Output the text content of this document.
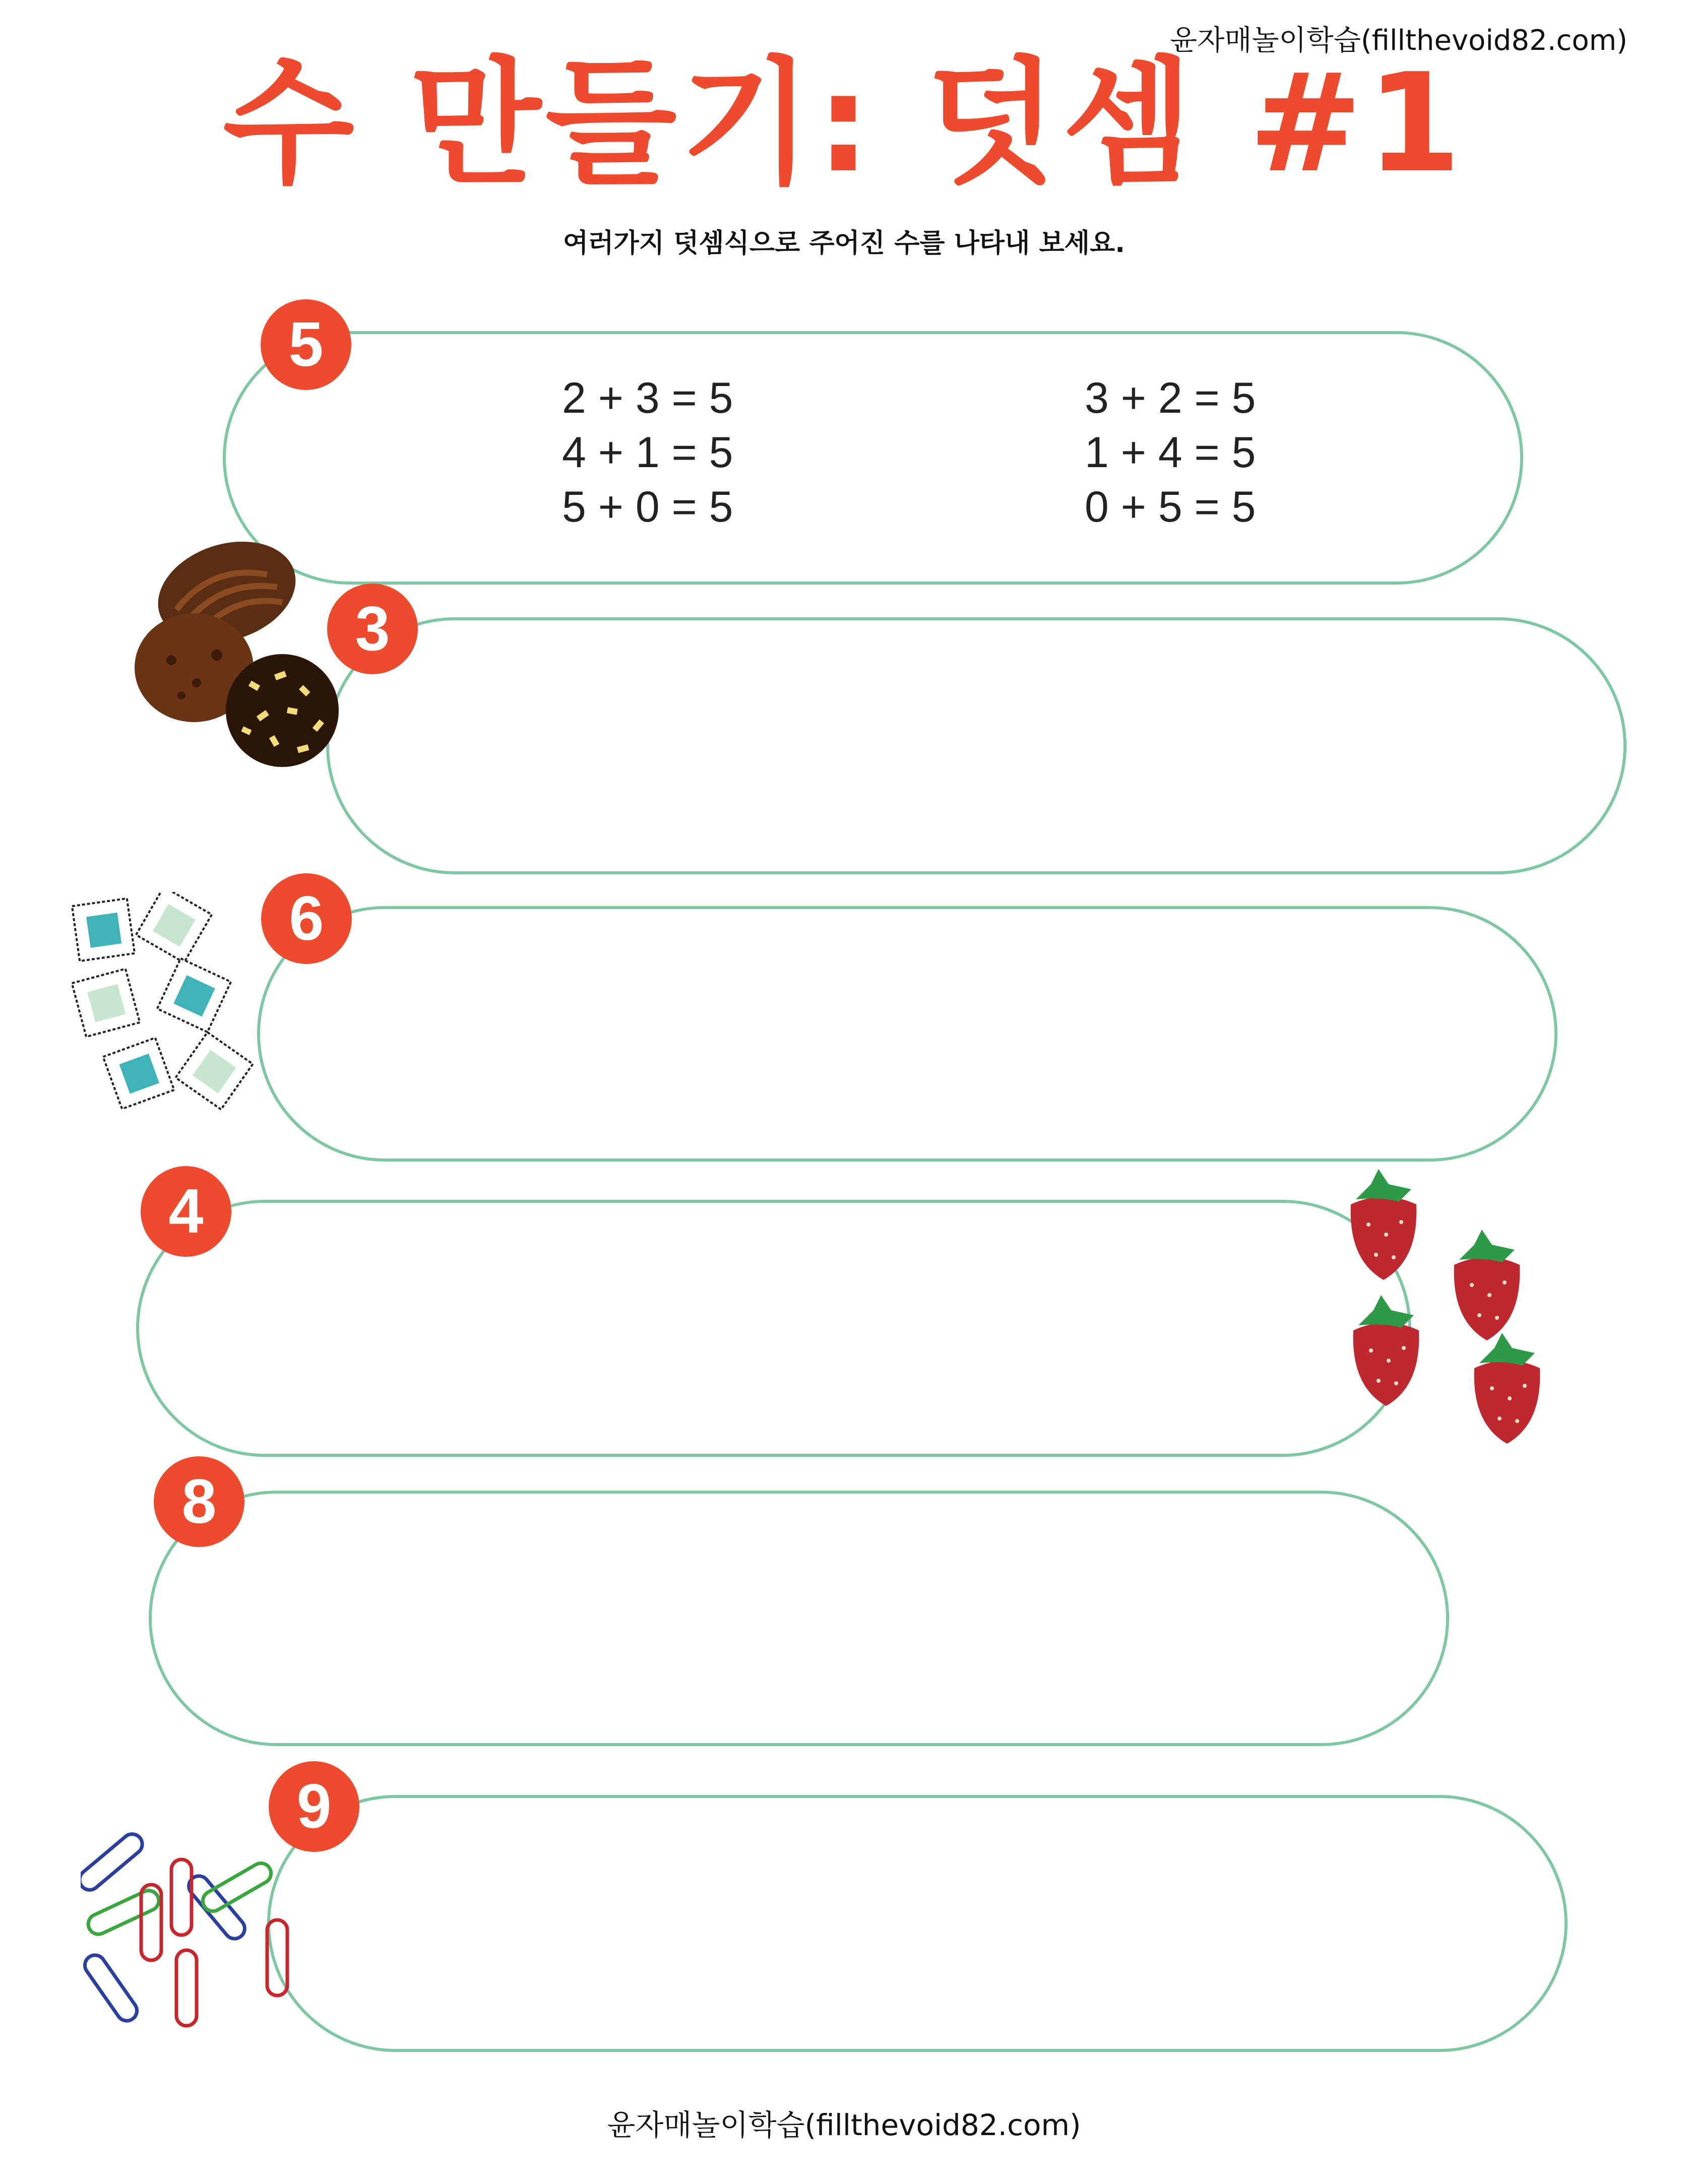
윤자매놀이학습(fillthevoid82.com)
수 만들기: 덧셈 #1
여러가지 덧셈식으로 주어진 수를 나타내 보세요.
5
2 + 3 = 5
4 + 1 = 5
5 + 0 = 5
3 + 2 = 5
1 + 4 = 5
0 + 5 = 5
3
6
4
8
9
윤자매놀이학습(fillthevoid82.com)
